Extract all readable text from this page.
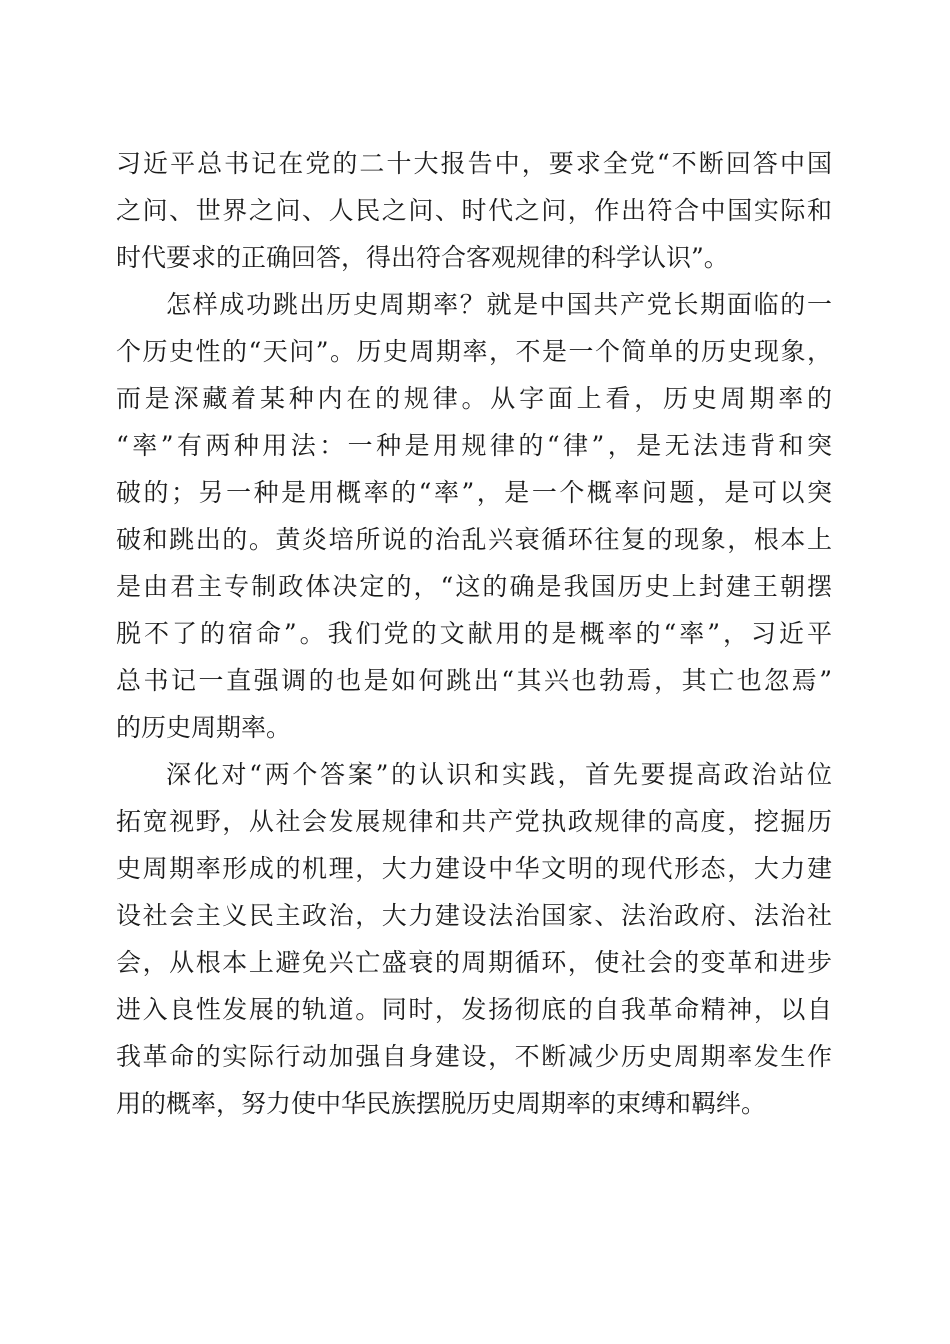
习近平总书记在党的二十大报告中，要求全党“不断回答中国
之问、世界之问、人民之问、时代之问，作出符合中国实际和
时代要求的正确回答，得出符合客观规律的科学认识”。
怎样成功跳出历史周期率？就是中国共产党长期面临的一
个历史性的“天问”。历史周期率，不是一个简单的历史现象，
而是深藏着某种内在的规律。从字面上看，历史周期率的
“率”有两种用法：一种是用规律的“律”，是无法违背和突
破的；另一种是用概率的“率”，是一个概率问题，是可以突
破和跳出的。黄炎培所说的治乱兴衰循环往复的现象，根本上
是由君主专制政体决定的，“这的确是我国历史上封建王朝摆
脱不了的宿命”。我们党的文献用的是概率的“率”，习近平
总书记一直强调的也是如何跳出“其兴也勃焉，其亡也忽焉”
的历史周期率。
深化对“两个答案”的认识和实践，首先要提高政治站位
拓宽视野，从社会发展规律和共产党执政规律的高度，挖掘历
史周期率形成的机理，大力建设中华文明的现代形态，大力建
设社会主义民主政治，大力建设法治国家、法治政府、法治社
会，从根本上避免兴亡盛衰的周期循环，使社会的变革和进步
进入良性发展的轨道。同时，发扬彻底的自我革命精神，以自
我革命的实际行动加强自身建设，不断减少历史周期率发生作
用的概率，努力使中华民族摆脱历史周期率的束缚和羁绊。
